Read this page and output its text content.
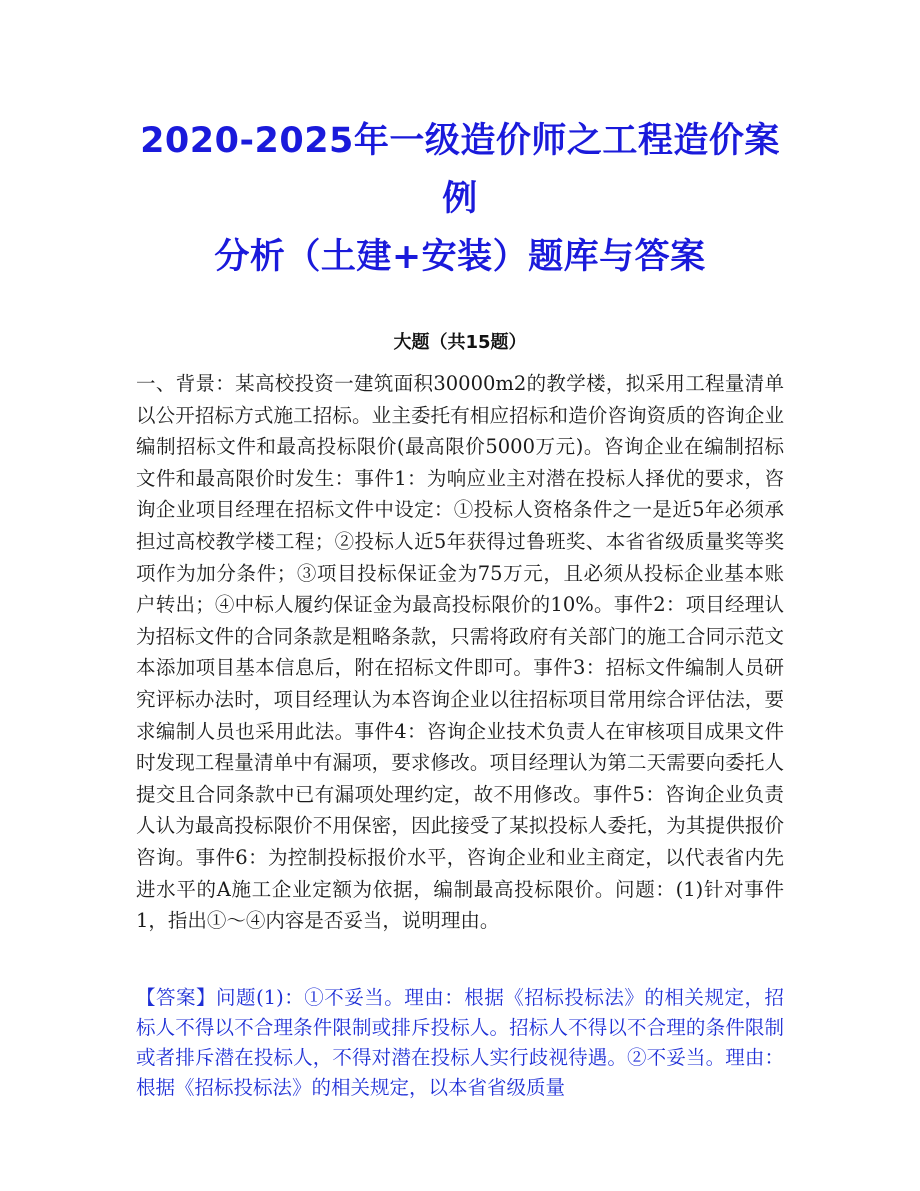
2020-2025年一级造价师之工程造价案例
分析（土建+安装）题库与答案
大题（共15题）

一、背景：某高校投资一建筑面积30000m2的教学楼，拟采用工程量清单以公开招标方式施工招标。业主委托有相应招标和造价咨询资质的咨询企业编制招标文件和最高投标限价(最高限价5000万元)。咨询企业在编制招标文件和最高限价时发生：事件1：为响应业主对潜在投标人择优的要求，咨询企业项目经理在招标文件中设定：①投标人资格条件之一是近5年必须承担过高校教学楼工程；②投标人近5年获得过鲁班奖、本省省级质量奖等奖项作为加分条件；③项目投标保证金为75万元，且必须从投标企业基本账户转出；④中标人履约保证金为最高投标限价的10%。事件2：项目经理认为招标文件的合同条款是粗略条款，只需将政府有关部门的施工合同示范文本添加项目基本信息后，附在招标文件即可。事件3：招标文件编制人员研究评标办法时，项目经理认为本咨询企业以往招标项目常用综合评估法，要求编制人员也采用此法。事件4：咨询企业技术负责人在审核项目成果文件时发现工程量清单中有漏项，要求修改。项目经理认为第二天需要向委托人提交且合同条款中已有漏项处理约定，故不用修改。事件5：咨询企业负责人认为最高投标限价不用保密，因此接受了某拟投标人委托，为其提供报价咨询。事件6：为控制投标报价水平，咨询企业和业主商定，以代表省内先进水平的A施工企业定额为依据，编制最高投标限价。问题：(1)针对事件1，指出①～④内容是否妥当，说明理由。

【答案】问题(1)：①不妥当。理由：根据《招标投标法》的相关规定，招标人不得以不合理条件限制或排斥投标人。招标人不得以不合理的条件限制或者排斥潜在投标人，不得对潜在投标人实行歧视待遇。②不妥当。理由：根据《招标投标法》的相关规定，以本省省级质量
